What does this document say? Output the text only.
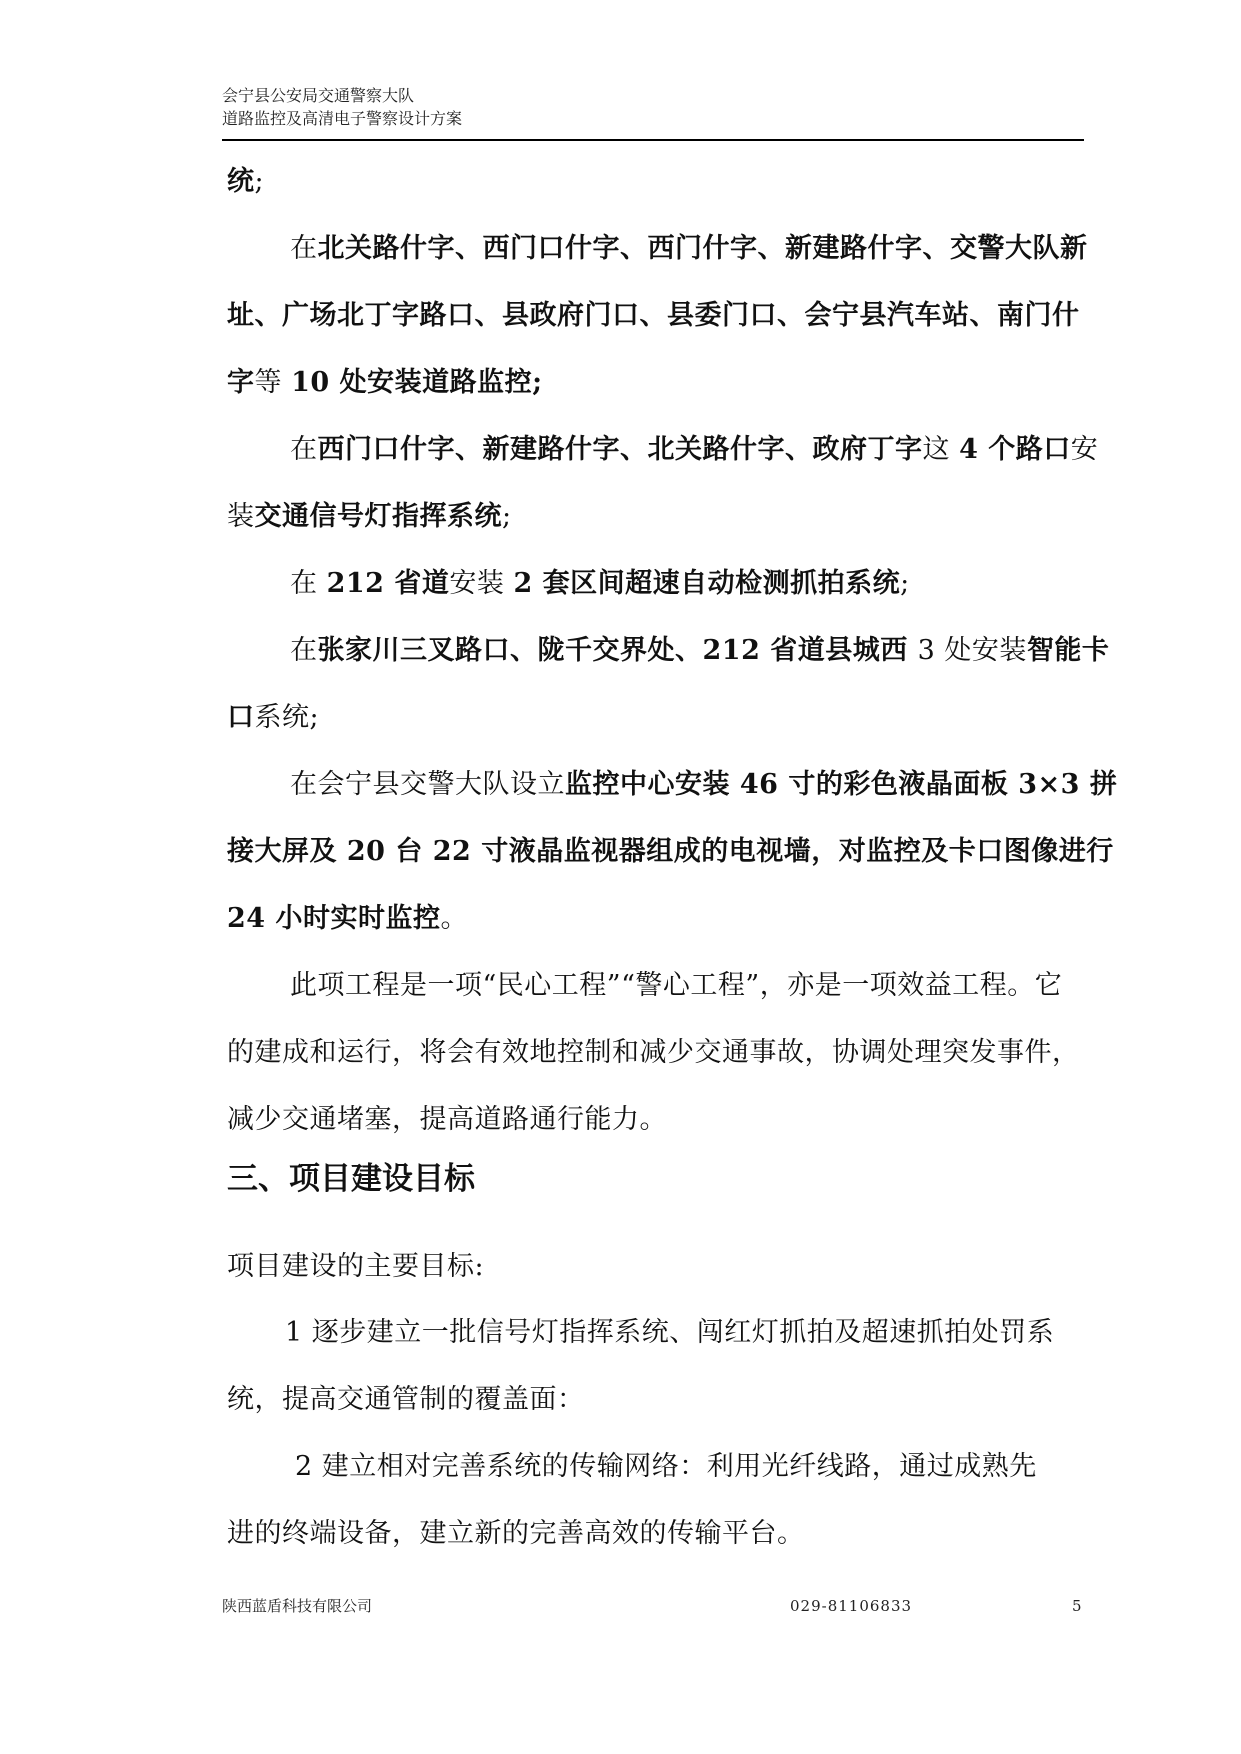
会宁县公安局交通警察大队
道路监控及高清电子警察设计方案
统;
在北关路什字、西门口什字、西门什字、新建路什字、交警大队新
址、广场北丁字路口、县政府门口、县委门口、会宁县汽车站、南门什
字等 10 处安装道路监控;
在西门口什字、新建路什字、北关路什字、政府丁字这 4 个路口安
装交通信号灯指挥系统;
在 212 省道安装 2 套区间超速自动检测抓拍系统;
在张家川三叉路口、陇千交界处、212 省道县城西 3 处安装智能卡
口系统;
在会宁县交警大队设立监控中心安装 46 寸的彩色液晶面板 3×3 拼
接大屏及 20 台 22 寸液晶监视器组成的电视墙，对监控及卡口图像进行
24 小时实时监控。
此项工程是一项“民心工程”“警心工程”，亦是一项效益工程。它
的建成和运行，将会有效地控制和减少交通事故，协调处理突发事件，
减少交通堵塞，提高道路通行能力。
三、项目建设目标
项目建设的主要目标:
1 逐步建立一批信号灯指挥系统、闯红灯抓拍及超速抓拍处罚系
统，提高交通管制的覆盖面：
2 建立相对完善系统的传输网络：利用光纤线路，通过成熟先
进的终端设备，建立新的完善高效的传输平台。
陕西蓝盾科技有限公司	029-81106833	5
